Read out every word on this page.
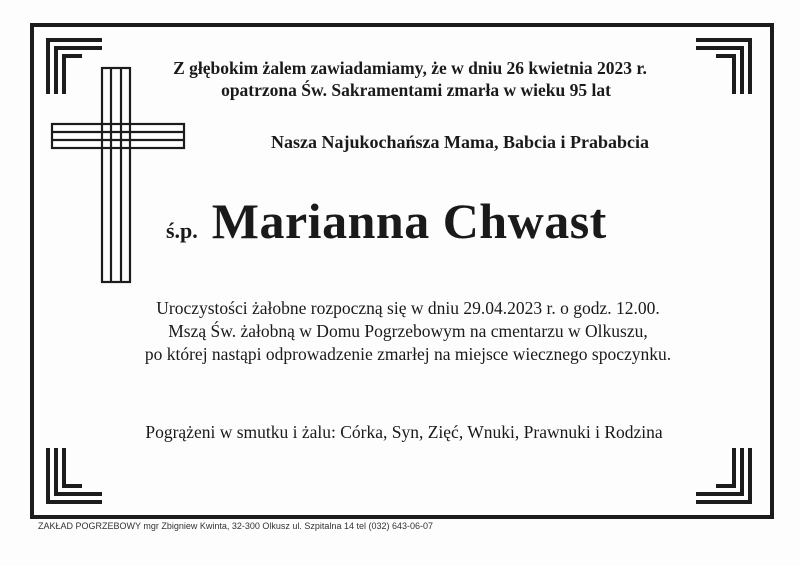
Z głębokim żalem zawiadamiamy, że w dniu 26 kwietnia 2023 r.
opatrzona Św. Sakramentami zmarła w wieku 95 lat
Nasza Najukochańsza Mama, Babcia i Prababcia
ś.p. Marianna Chwast
Uroczystości żałobne rozpoczną się w dniu 29.04.2023 r. o godz. 12.00.
Mszą Św. żałobną w Domu Pogrzebowym na cmentarzu w Olkuszu,
po której nastąpi odprowadzenie zmarłej na miejsce wiecznego spoczynku.
Pogrążeni w smutku i żalu: Córka, Syn, Zięć, Wnuki, Prawnuki i Rodzina
ZAKŁAD POGRZEBOWY mgr Zbigniew Kwinta, 32-300 Olkusz ul. Szpitalna 14 tel (032) 643-06-07
